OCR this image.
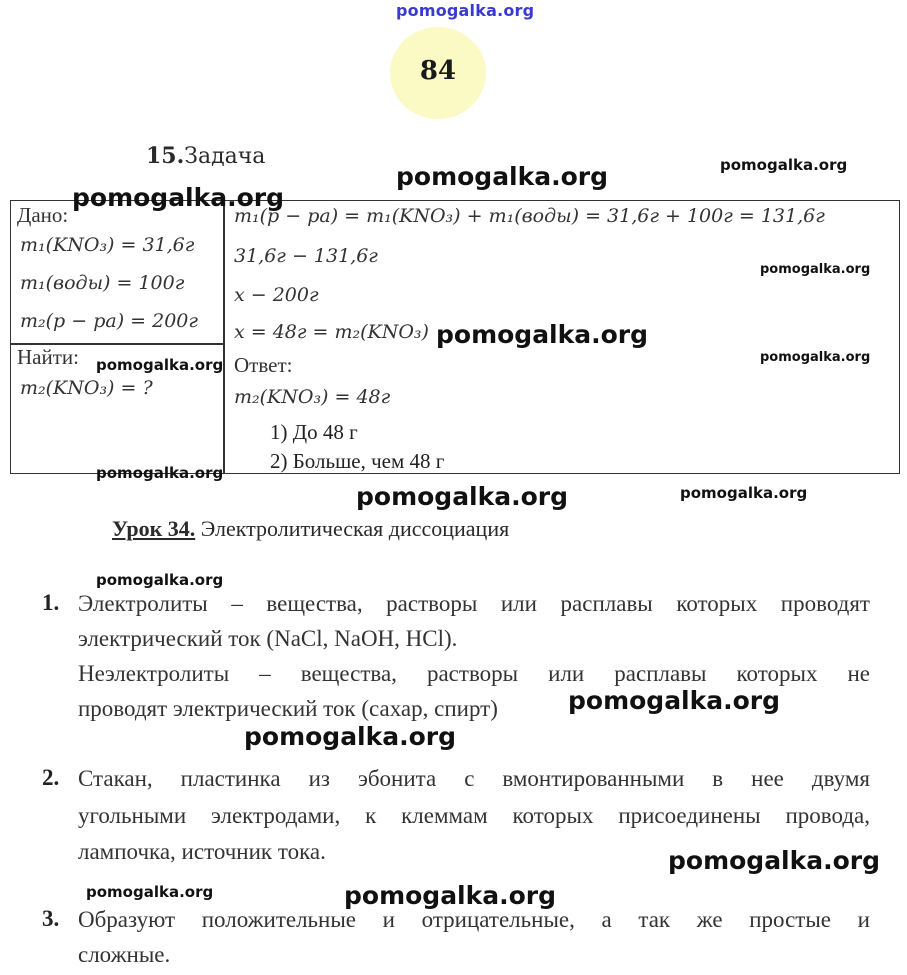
pomogalka.org
84
15.Задача
Дано:
m₁(KNO₃) = 31,6г
m₁(воды) = 100г
m₂(р − ра) = 200г
Найти:
m₂(KNO₃) = ?
m₁(р − ра) = m₁(KNO₃) + m₁(воды) = 31,6г + 100г = 131,6г
31,6г − 131,6г
x − 200г
x = 48г = m₂(KNO₃)
Ответ:
m₂(KNO₃) = 48г
1) До 48 г
2) Больше, чем 48 г
Урок 34. Электролитическая диссоциация
1. Электролиты – вещества, растворы или расплавы которых проводят
электрический ток (NaCl, NaOH, HCl).
Неэлектролиты – вещества, растворы или расплавы которых не
проводят электрический ток (сахар, спирт)
2. Стакан, пластинка из эбонита с вмонтированными в нее двумя
угольными электродами, к клеммам которых присоединены провода,
лампочка, источник тока.
3. Образуют положительные и отрицательные, а так же простые и
сложные.
pomogalka.org
pomogalka.org	pomogalka.org
pomogalka.org
pomogalka.org
pomogalka.org	pomogalka.org
pomogalka.org
pomogalka.org	pomogalka.org
pomogalka.org
pomogalka.org
pomogalka.org
pomogalka.org
pomogalka.org	pomogalka.org
